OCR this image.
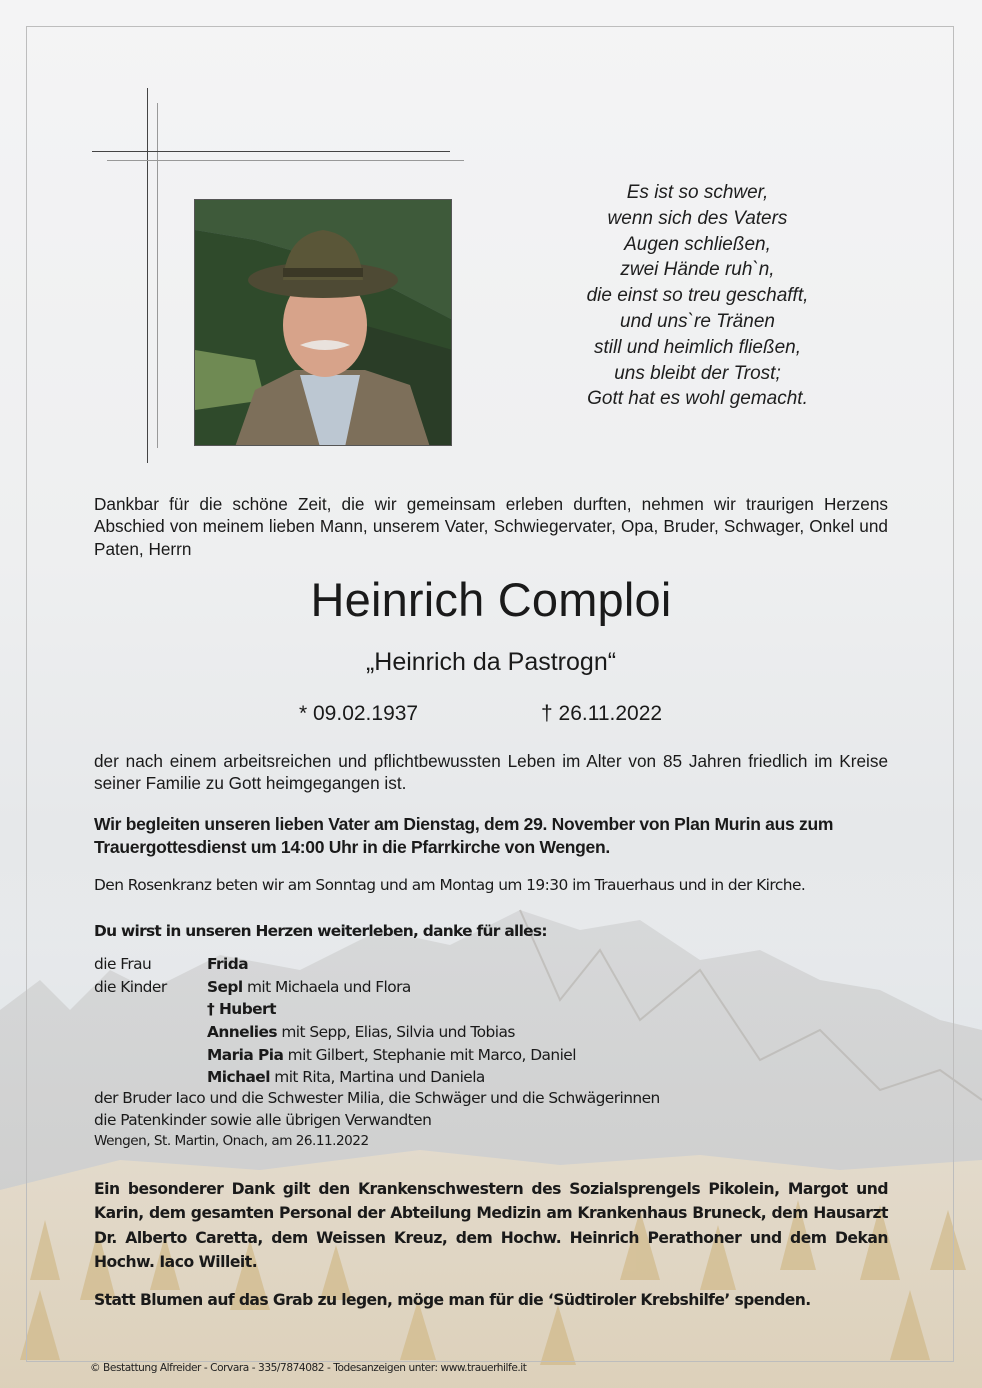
Es ist so schwer,
wenn sich des Vaters
Augen schließen,
zwei Hände ruh`n,
die einst so treu geschafft,
und uns`re Tränen
still und heimlich fließen,
uns bleibt der Trost;
Gott hat es wohl gemacht.
Dankbar für die schöne Zeit, die wir gemeinsam erleben durften, nehmen wir traurigen Herzens Abschied von meinem lieben Mann, unserem Vater, Schwiegervater, Opa, Bruder, Schwager, Onkel und Paten, Herrn
Heinrich Comploi
„Heinrich da Pastrogn“
* 09.02.1937	† 26.11.2022
der nach einem arbeitsreichen und pflichtbewussten Leben im Alter von 85 Jahren friedlich im Kreise seiner Familie zu Gott heimgegangen ist.
Wir begleiten unseren lieben Vater am Dienstag, dem 29. November von Plan Murin aus zum Trauergottesdienst um 14:00 Uhr in die Pfarrkirche von Wengen.
Den Rosenkranz beten wir am Sonntag und am Montag um 19:30 im Trauerhaus und in der Kirche.
Du wirst in unseren Herzen weiterleben, danke für alles:
die Frau	Frida
die Kinder	Sepl mit Michaela und Flora
† Hubert
Annelies mit Sepp, Elias, Silvia und Tobias
Maria Pia mit Gilbert, Stephanie mit Marco, Daniel
Michael mit Rita, Martina und Daniela
der Bruder Iaco und die Schwester Milia, die Schwäger und die Schwägerinnen
die Patenkinder sowie alle übrigen Verwandten
Wengen, St. Martin, Onach, am 26.11.2022
Ein besonderer Dank gilt den Krankenschwestern des Sozialsprengels Pikolein, Margot und Karin, dem gesamten Personal der Abteilung Medizin am Krankenhaus Bruneck, dem Hausarzt Dr. Alberto Caretta, dem Weissen Kreuz, dem Hochw. Heinrich Perathoner und dem Dekan Hochw. Iaco Willeit.
Statt Blumen auf das Grab zu legen, möge man für die ‘Südtiroler Krebshilfe’ spenden.
© Bestattung Alfreider - Corvara - 335/7874082 - Todesanzeigen unter: www.trauerhilfe.it
